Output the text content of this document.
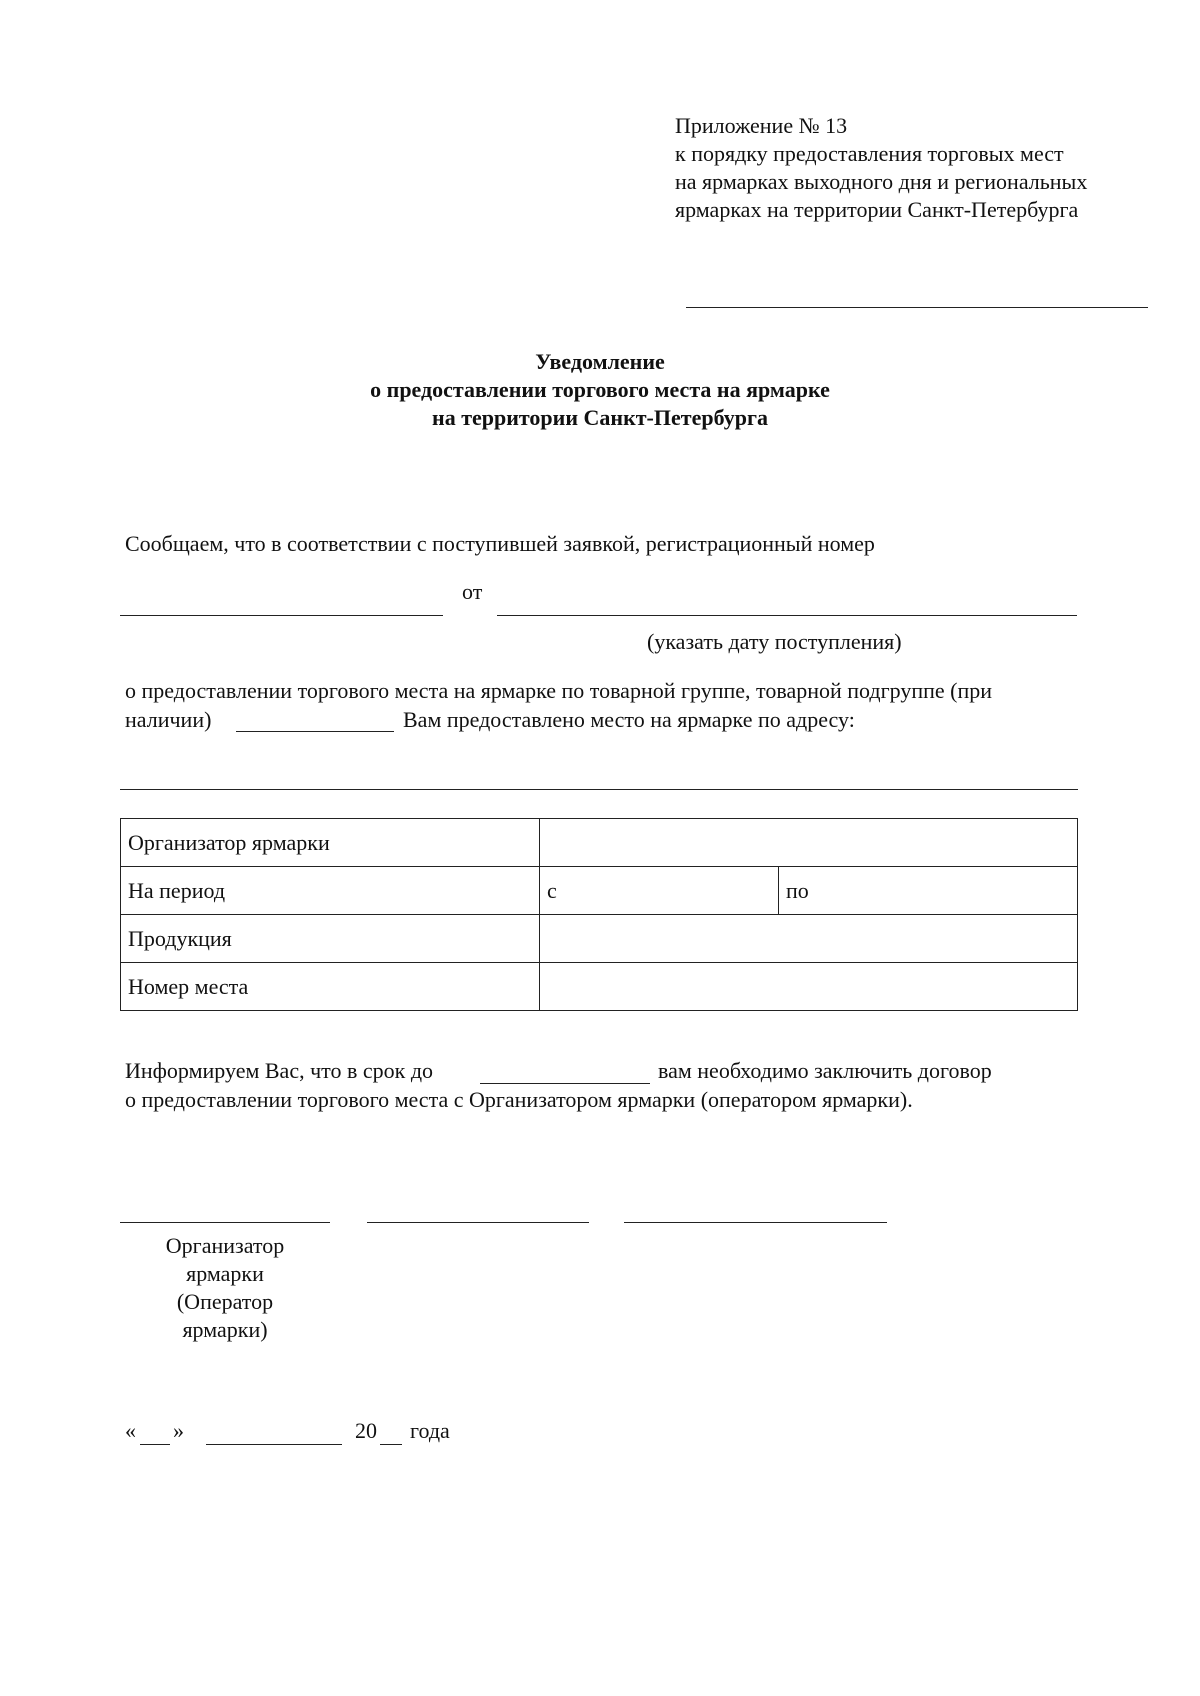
Приложение № 13
к порядку предоставления торговых мест
на ярмарках выходного дня и региональных
ярмарках на территории Санкт-Петербурга
Уведомление
о предоставлении торгового места на ярмарке
на территории Санкт-Петербурга
Сообщаем, что в соответствии с поступившей заявкой, регистрационный номер
от
(указать дату поступления)
о предоставлении торгового места на ярмарке по товарной группе, товарной подгруппе (при
наличии)	Вам предоставлено место на ярмарке по адресу:
Организатор ярмарки		
На период	с	по
Продукция		
Номер места		
Информируем Вас, что в срок до	вам необходимо заключить договор
о предоставлении торгового места с Организатором ярмарки (оператором ярмарки).
Организатор
ярмарки
(Оператор
ярмарки)
« »	20 года
